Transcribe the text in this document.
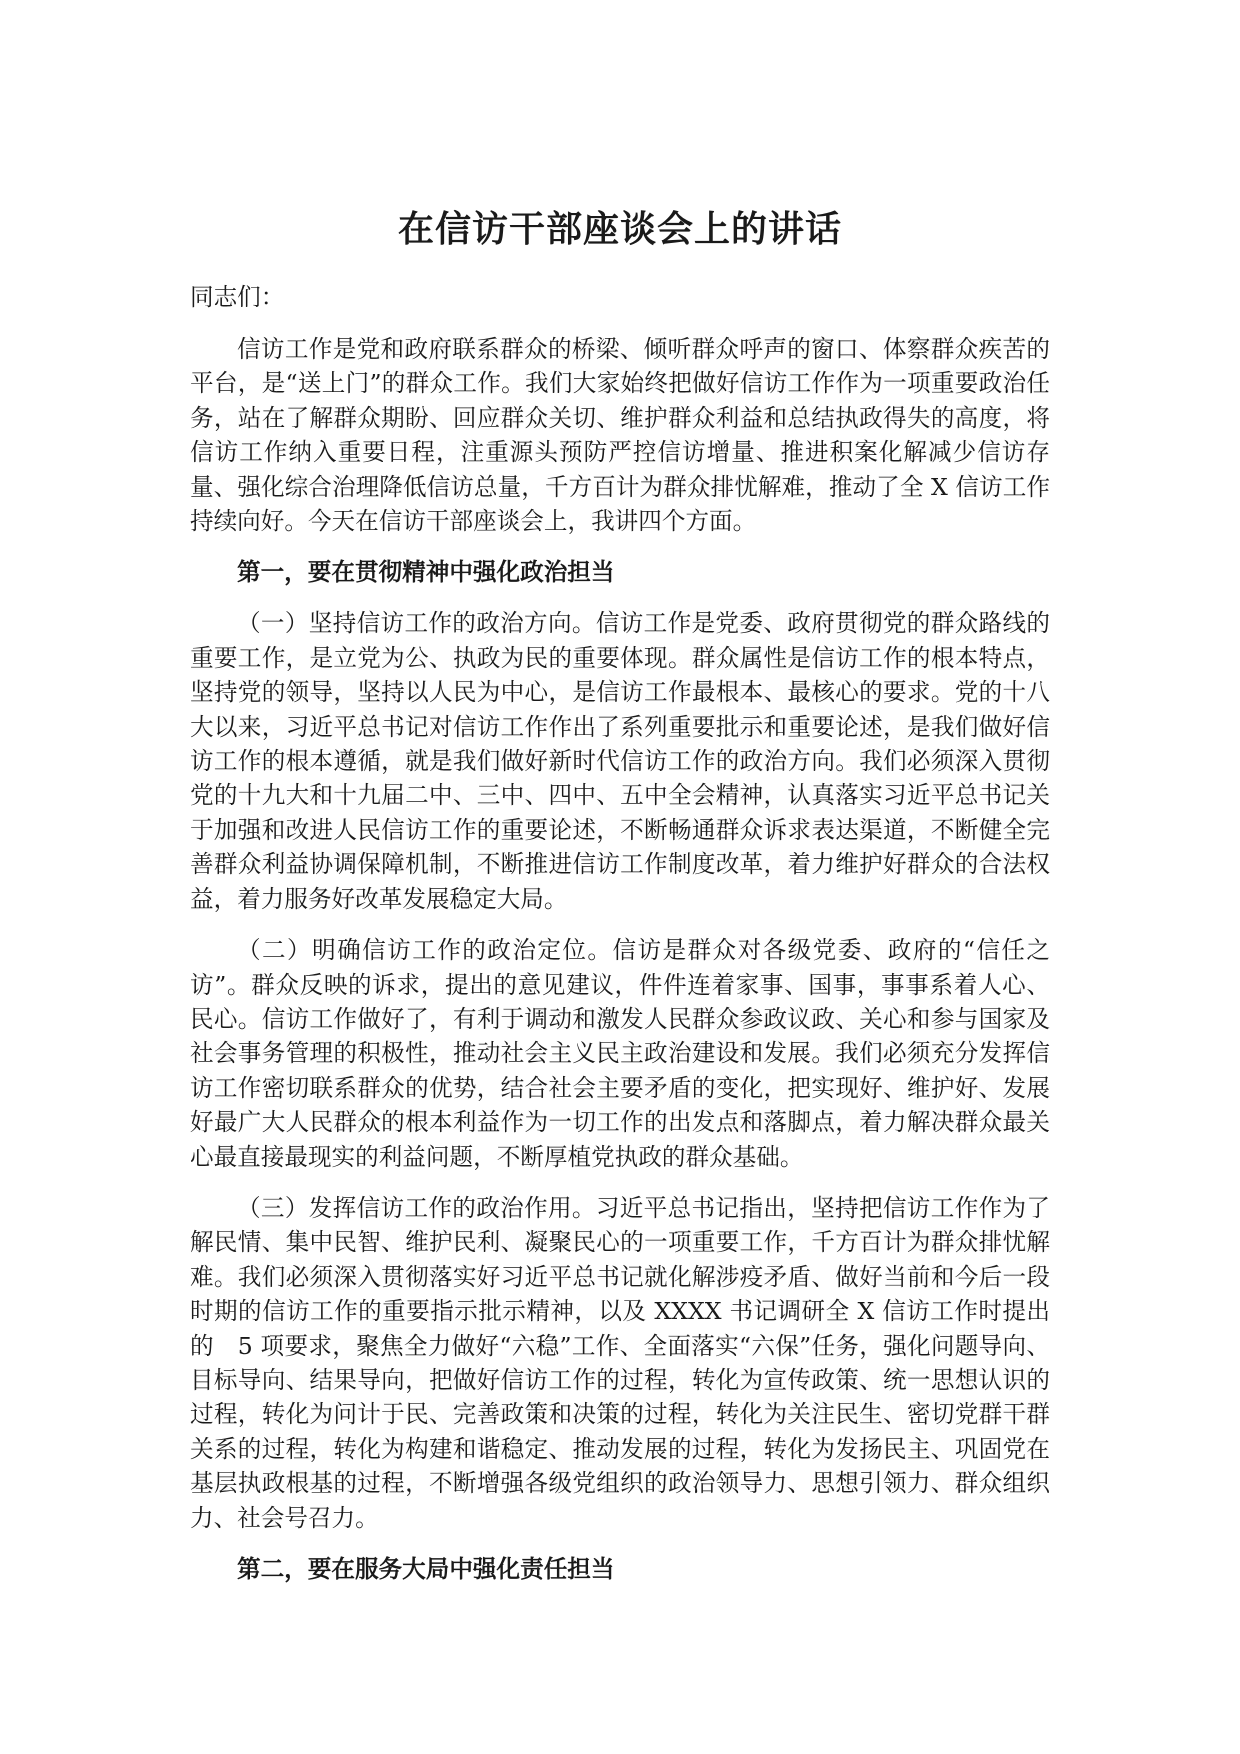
在信访干部座谈会上的讲话

同志们：

信访工作是党和政府联系群众的桥梁、倾听群众呼声的窗口、体察群众疾苦的平台，是“送上门”的群众工作。我们大家始终把做好信访工作作为一项重要政治任务，站在了解群众期盼、回应群众关切、维护群众利益和总结执政得失的高度，将信访工作纳入重要日程，注重源头预防严控信访增量、推进积案化解减少信访存量、强化综合治理降低信访总量，千方百计为群众排忧解难，推动了全 X 信访工作持续向好。今天在信访干部座谈会上，我讲四个方面。

第一，要在贯彻精神中强化政治担当

（一）坚持信访工作的政治方向。信访工作是党委、政府贯彻党的群众路线的重要工作，是立党为公、执政为民的重要体现。群众属性是信访工作的根本特点，坚持党的领导，坚持以人民为中心，是信访工作最根本、最核心的要求。党的十八大以来，习近平总书记对信访工作作出了系列重要批示和重要论述，是我们做好信访工作的根本遵循，就是我们做好新时代信访工作的政治方向。我们必须深入贯彻党的十九大和十九届二中、三中、四中、五中全会精神，认真落实习近平总书记关于加强和改进人民信访工作的重要论述，不断畅通群众诉求表达渠道，不断健全完善群众利益协调保障机制，不断推进信访工作制度改革，着力维护好群众的合法权益，着力服务好改革发展稳定大局。

（二）明确信访工作的政治定位。信访是群众对各级党委、政府的“信任之访”。群众反映的诉求，提出的意见建议，件件连着家事、国事，事事系着人心、民心。信访工作做好了，有利于调动和激发人民群众参政议政、关心和参与国家及社会事务管理的积极性，推动社会主义民主政治建设和发展。我们必须充分发挥信访工作密切联系群众的优势，结合社会主要矛盾的变化，把实现好、维护好、发展好最广大人民群众的根本利益作为一切工作的出发点和落脚点，着力解决群众最关心最直接最现实的利益问题，不断厚植党执政的群众基础。

（三）发挥信访工作的政治作用。习近平总书记指出，坚持把信访工作作为了解民情、集中民智、维护民利、凝聚民心的一项重要工作，千方百计为群众排忧解难。我们必须深入贯彻落实好习近平总书记就化解涉疫矛盾、做好当前和今后一段时期的信访工作的重要指示批示精神，以及 XXXX 书记调研全 X 信访工作时提出的　5 项要求，聚焦全力做好“六稳”工作、全面落实“六保”任务，强化问题导向、目标导向、结果导向，把做好信访工作的过程，转化为宣传政策、统一思想认识的过程，转化为问计于民、完善政策和决策的过程，转化为关注民生、密切党群干群关系的过程，转化为构建和谐稳定、推动发展的过程，转化为发扬民主、巩固党在基层执政根基的过程，不断增强各级党组织的政治领导力、思想引领力、群众组织力、社会号召力。

第二，要在服务大局中强化责任担当
